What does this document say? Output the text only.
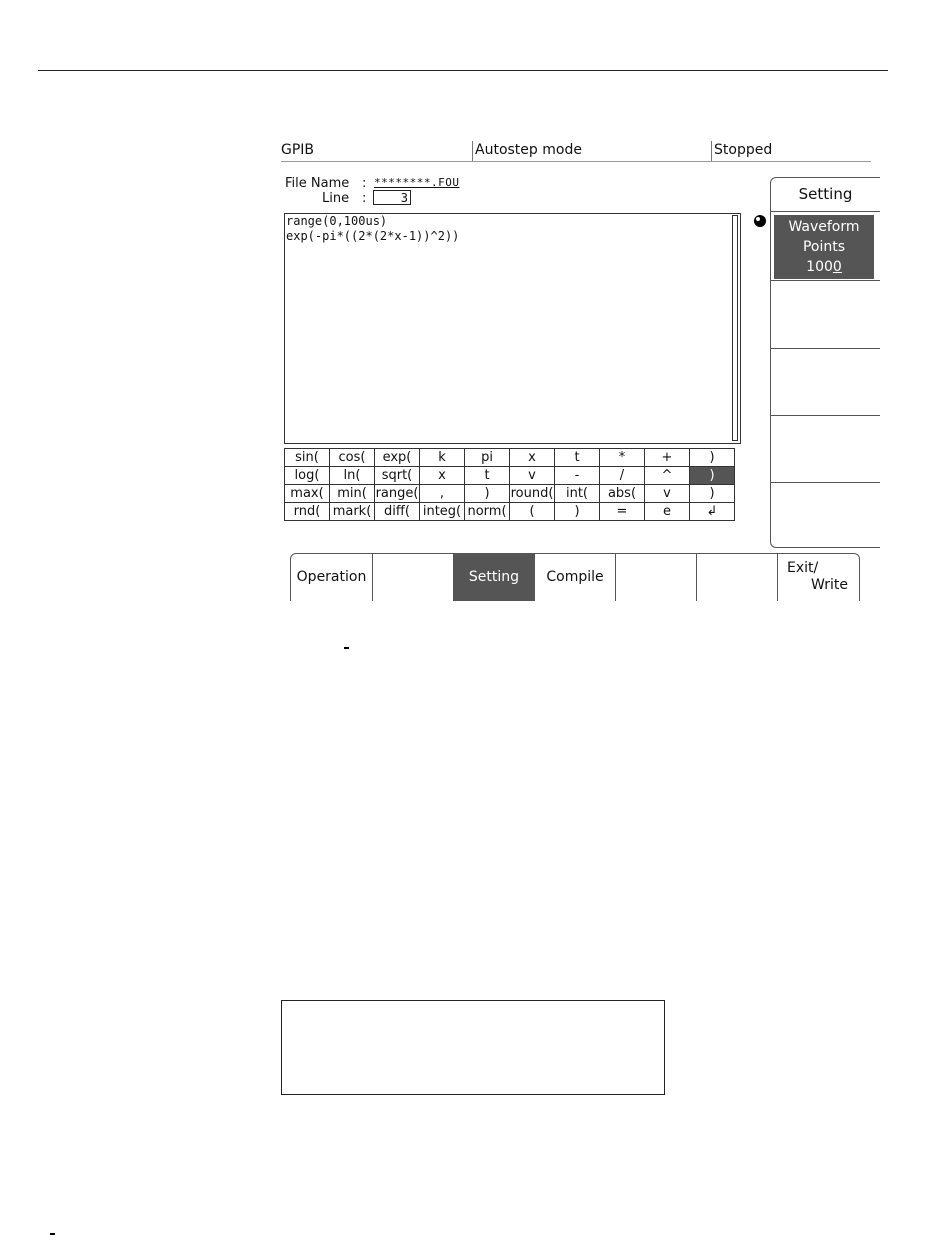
GPIB	Autostep mode	Stopped
File Name : ********.FOU
Line :	3
range(0,100us)
exp(-pi*((2*(2*x-1))^2))
sin(	cos(	exp(	k	pi	x	t	*	+	)
log(	ln(	sqrt(	x	t	v	-	/	^	)
max(	min(	range(	,	)	round(	int(	abs(	v	)
rnd(	mark(	diff(	integ(	norm(	(	)	=	e	↲
Setting
Waveform
Points
1000
Operation	Setting	Compile
Exit/
Write
